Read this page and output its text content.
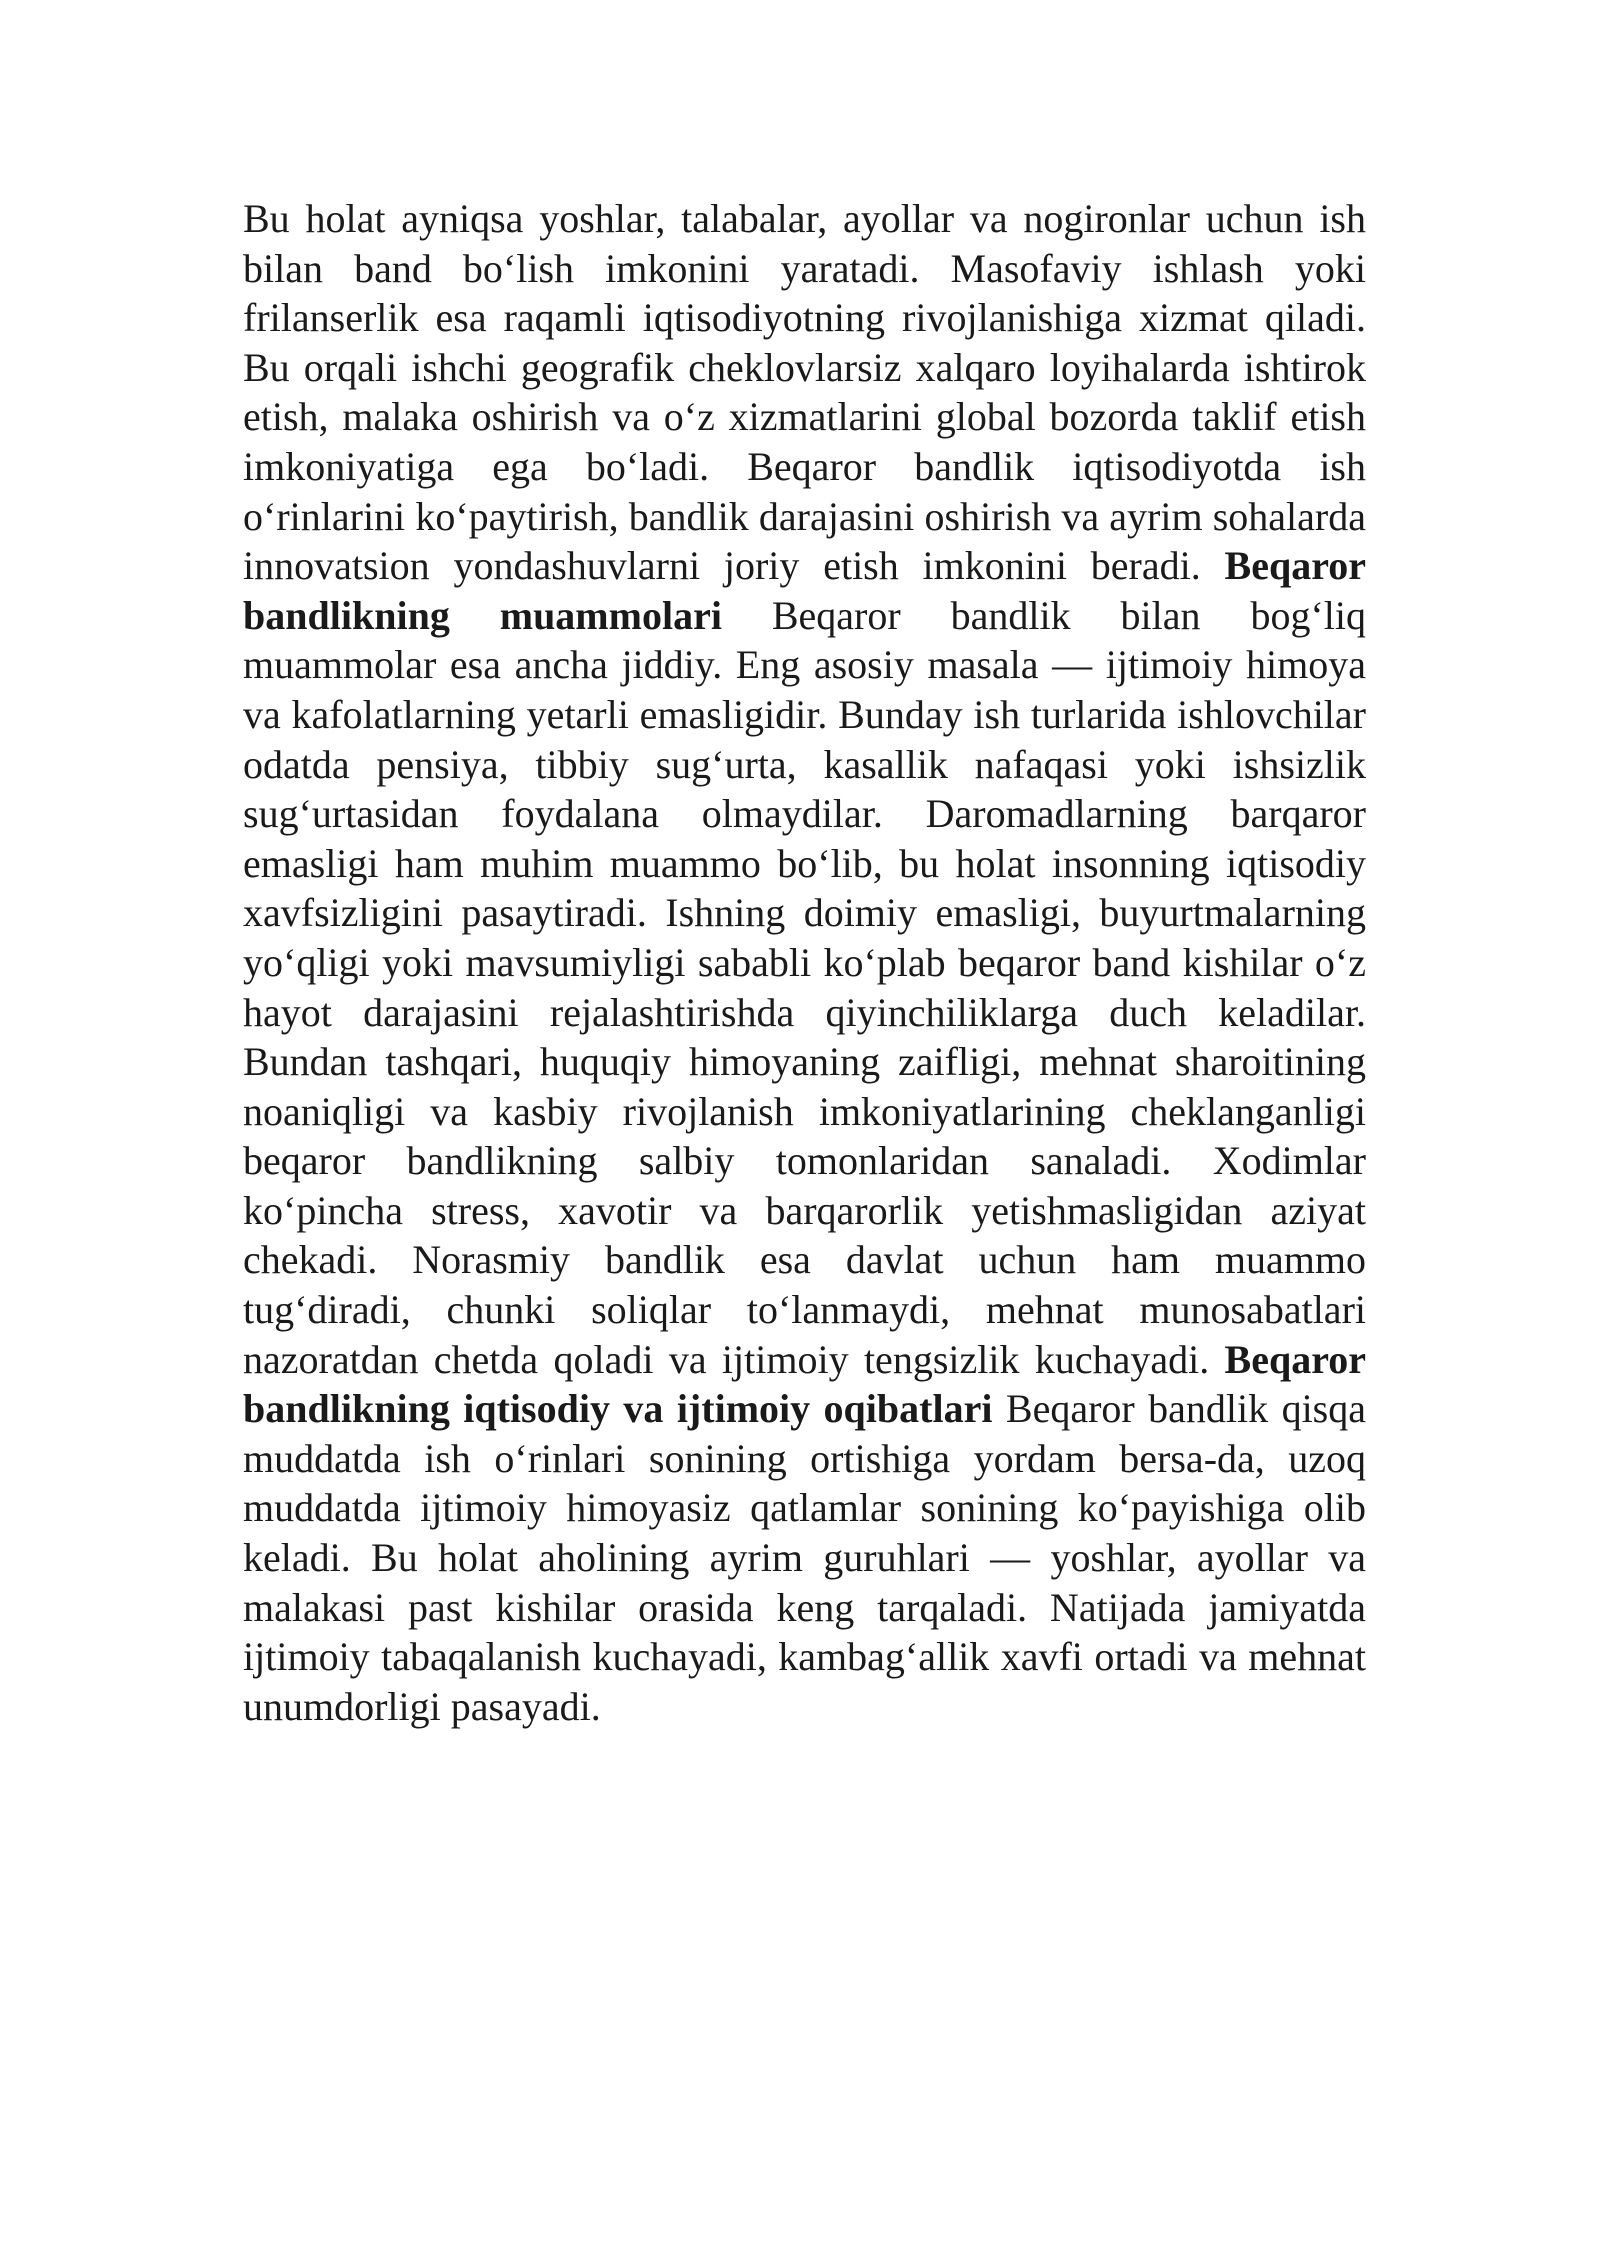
Bu holat ayniqsa yoshlar, talabalar, ayollar va nogironlar uchun ish bilan band bo‘lish imkonini yaratadi. Masofaviy ishlash yoki frilanserlik esa raqamli iqtisodiyotning rivojlanishiga xizmat qiladi. Bu orqali ishchi geografik cheklovlarsiz xalqaro loyihalarda ishtirok etish, malaka oshirish va o‘z xizmatlarini global bozorda taklif etish imkoniyatiga ega bo‘ladi. Beqaror bandlik iqtisodiyotda ish o‘rinlarini ko‘paytirish, bandlik darajasini oshirish va ayrim sohalarda innovatsion yondashuvlarni joriy etish imkonini beradi. Beqaror bandlikning muammolari Beqaror bandlik bilan bog‘liq muammolar esa ancha jiddiy. Eng asosiy masala — ijtimoiy himoya va kafolatlarning yetarli emasligidir. Bunday ish turlarida ishlovchilar odatda pensiya, tibbiy sug‘urta, kasallik nafaqasi yoki ishsizlik sug‘urtasidan foydalana olmaydilar. Daromadlarning barqaror emasligi ham muhim muammo bo‘lib, bu holat insonning iqtisodiy xavfsizligini pasaytiradi. Ishning doimiy emasligi, buyurtmalarning yo‘qligi yoki mavsumiyligi sababli ko‘plab beqaror band kishilar o‘z hayot darajasini rejalashtirishda qiyinchiliklarga duch keladilar. Bundan tashqari, huquqiy himoyaning zaifligi, mehnat sharoitining noaniqligi va kasbiy rivojlanish imkoniyatlarining cheklanganligi beqaror bandlikning salbiy tomonlaridan sanaladi. Xodimlar ko‘pincha stress, xavotir va barqarorlik yetishmasligidan aziyat chekadi. Norasmiy bandlik esa davlat uchun ham muammo tug‘diradi, chunki soliqlar to‘lanmaydi, mehnat munosabatlari nazoratdan chetda qoladi va ijtimoiy tengsizlik kuchayadi. Beqaror bandlikning iqtisodiy va ijtimoiy oqibatlari Beqaror bandlik qisqa muddatda ish o‘rinlari sonining ortishiga yordam bersa-da, uzoq muddatda ijtimoiy himoyasiz qatlamlar sonining ko‘payishiga olib keladi. Bu holat aholining ayrim guruhlari — yoshlar, ayollar va malakasi past kishilar orasida keng tarqaladi. Natijada jamiyatda ijtimoiy tabaqalanish kuchayadi, kambag‘allik xavfi ortadi va mehnat unumdorligi pasayadi.
